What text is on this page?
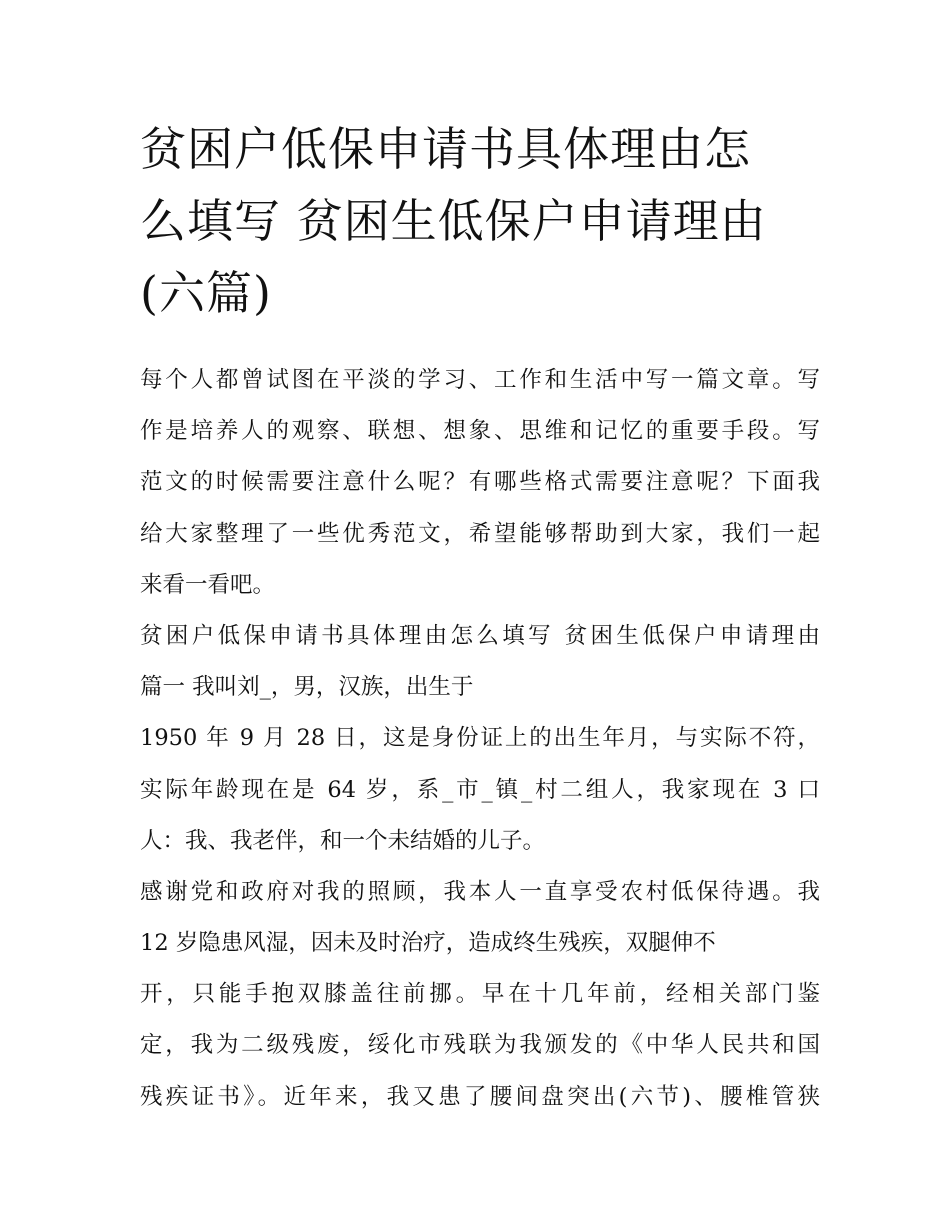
贫困户低保申请书具体理由怎
么填写 贫困生低保户申请理由
(六篇)
每个人都曾试图在平淡的学习、工作和生活中写一篇文章。写
作是培养人的观察、联想、想象、思维和记忆的重要手段。写
范文的时候需要注意什么呢？有哪些格式需要注意呢？下面我
给大家整理了一些优秀范文，希望能够帮助到大家，我们一起
来看一看吧。
贫困户低保申请书具体理由怎么填写 贫困生低保户申请理由
篇一 我叫刘_，男，汉族，出生于
1950 年 9 月 28 日，这是身份证上的出生年月，与实际不符，
实际年龄现在是 64 岁，系_市_镇_村二组人，我家现在 3 口
人：我、我老伴，和一个未结婚的儿子。
感谢党和政府对我的照顾，我本人一直享受农村低保待遇。我
12 岁隐患风湿，因未及时治疗，造成终生残疾，双腿伸不
开，只能手抱双膝盖往前挪。早在十几年前，经相关部门鉴
定，我为二级残废，绥化市残联为我颁发的《中华人民共和国
残疾证书》。近年来，我又患了腰间盘突出(六节)、腰椎管狭
